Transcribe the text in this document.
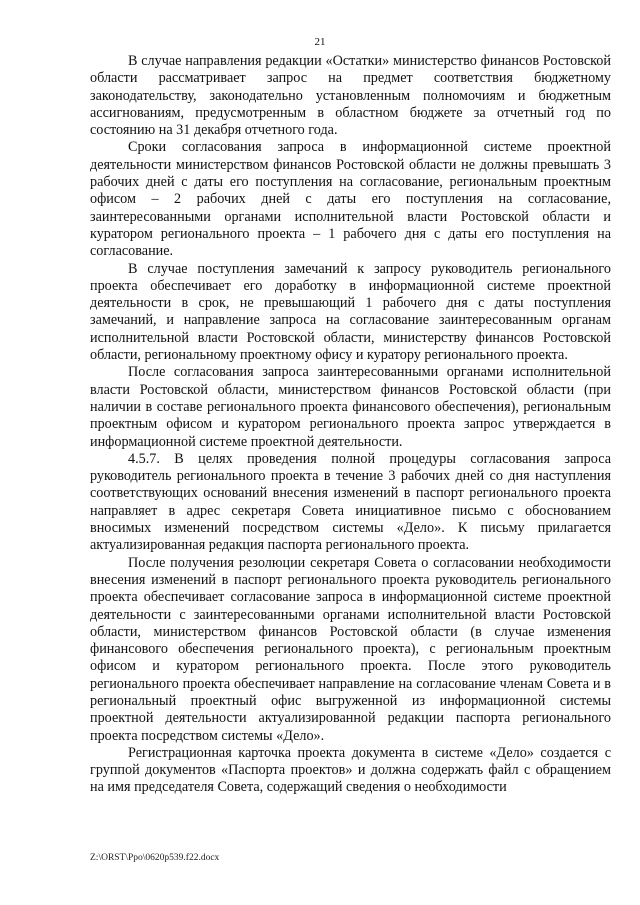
21

В случае направления редакции «Остатки» министерство финансов Ростовской области рассматривает запрос на предмет соответствия бюджетному законодательству, законодательно установленным полномочиям и бюджетным ассигнованиям, предусмотренным в областном бюджете за отчетный год по состоянию на 31 декабря отчетного года.

Сроки согласования запроса в информационной системе проектной деятельности министерством финансов Ростовской области не должны превышать 3 рабочих дней с даты его поступления на согласование, региональным проектным офисом – 2 рабочих дней с даты его поступления на согласование, заинтересованными органами исполнительной власти Ростовской области и куратором регионального проекта – 1 рабочего дня с даты его поступления на согласование.

В случае поступления замечаний к запросу руководитель регионального проекта обеспечивает его доработку в информационной системе проектной деятельности в срок, не превышающий 1 рабочего дня с даты поступления замечаний, и направление запроса на согласование заинтересованным органам исполнительной власти Ростовской области, министерству финансов Ростовской области, региональному проектному офису и куратору регионального проекта.

После согласования запроса заинтересованными органами исполнительной власти Ростовской области, министерством финансов Ростовской области (при наличии в составе регионального проекта финансового обеспечения), региональным проектным офисом и куратором регионального проекта запрос утверждается в информационной системе проектной деятельности.

4.5.7. В целях проведения полной процедуры согласования запроса руководитель регионального проекта в течение 3 рабочих дней со дня наступления соответствующих оснований внесения изменений в паспорт регионального проекта направляет в адрес секретаря Совета инициативное письмо с обоснованием вносимых изменений посредством системы «Дело». К письму прилагается актуализированная редакция паспорта регионального проекта.

После получения резолюции секретаря Совета о согласовании необходимости внесения изменений в паспорт регионального проекта руководитель регионального проекта обеспечивает согласование запроса в информационной системе проектной деятельности с заинтересованными органами исполнительной власти Ростовской области, министерством финансов Ростовской области (в случае изменения финансового обеспечения регионального проекта), с региональным проектным офисом и куратором регионального проекта. После этого руководитель регионального проекта обеспечивает направление на согласование членам Совета и в региональный проектный офис выгруженной из информационной системы проектной деятельности актуализированной редакции паспорта регионального проекта посредством системы «Дело».

Регистрационная карточка проекта документа в системе «Дело» создается с группой документов «Паспорта проектов» и должна содержать файл с обращением на имя председателя Совета, содержащий сведения о необходимости

Z:\ORST\Ppo\0620p539.f22.docx
